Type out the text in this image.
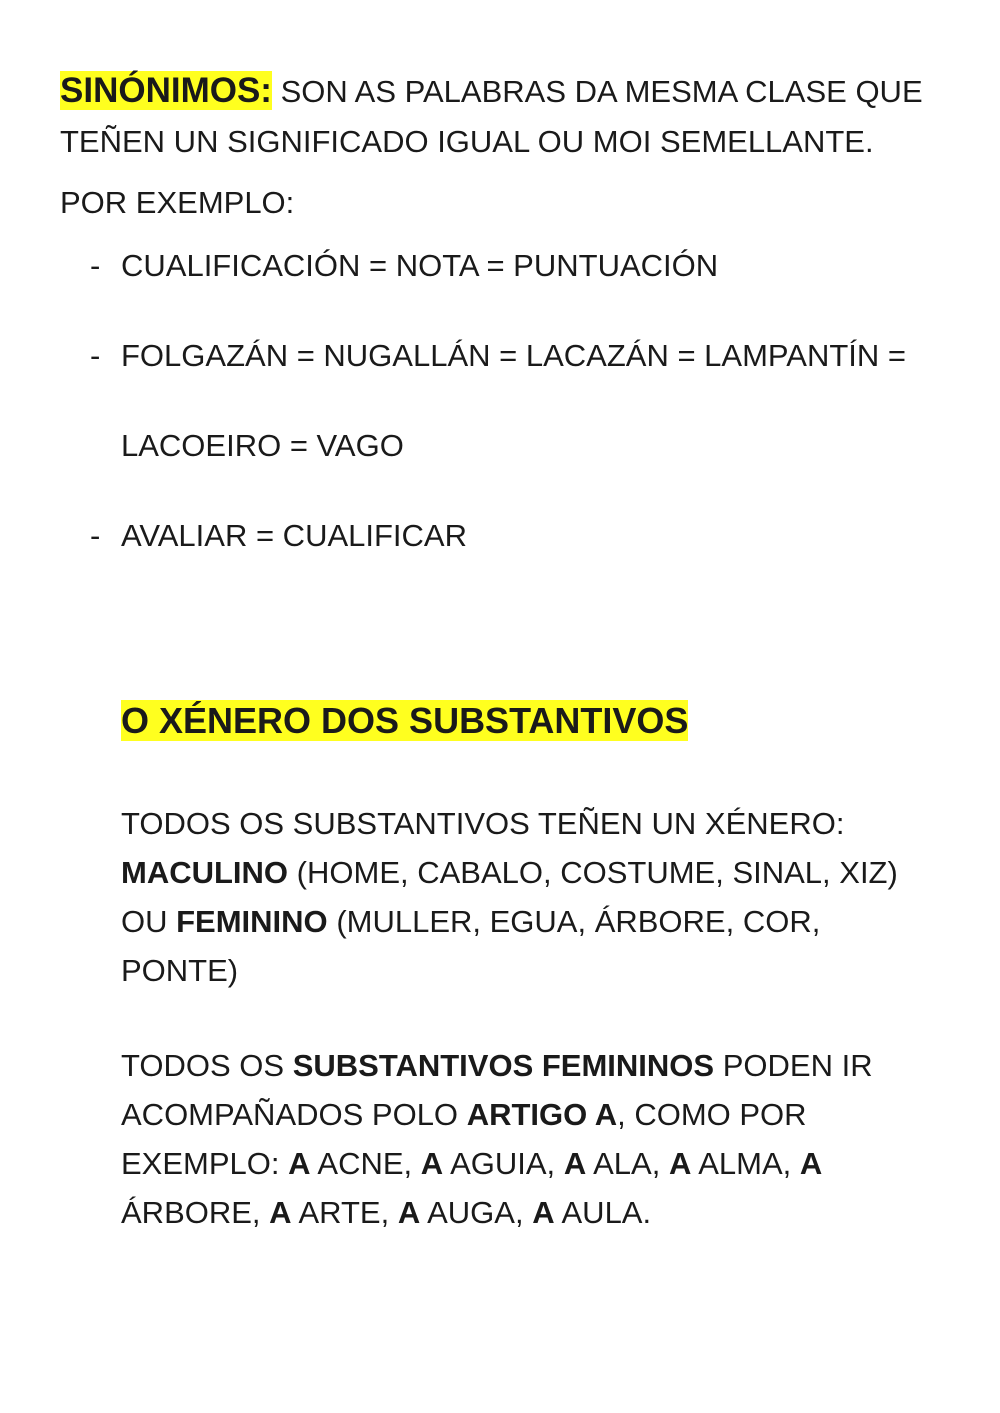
SINÓNIMOS: SON AS PALABRAS DA MESMA CLASE QUE TEÑEN UN SIGNIFICADO IGUAL OU MOI SEMELLANTE.

POR EXEMPLO:

- CUALIFICACIÓN = NOTA = PUNTUACIÓN
- FOLGAZÁN = NUGALLÁN = LACAZÁN = LAMPANTÍN =
LACOEIRO = VAGO
- AVALIAR = CUALIFICAR
O XÉNERO DOS SUBSTANTIVOS

TODOS OS SUBSTANTIVOS TEÑEN UN XÉNERO:
MACULINO (HOME, CABALO, COSTUME, SINAL, XIZ)
OU FEMININO (MULLER, EGUA, ÁRBORE, COR, PONTE)

TODOS OS SUBSTANTIVOS FEMININOS PODEN IR ACOMPAÑADOS POLO ARTIGO A, COMO POR EXEMPLO: A ACNE, A AGUIA, A ALA, A ALMA, A ÁRBORE, A ARTE, A AUGA, A AULA.
